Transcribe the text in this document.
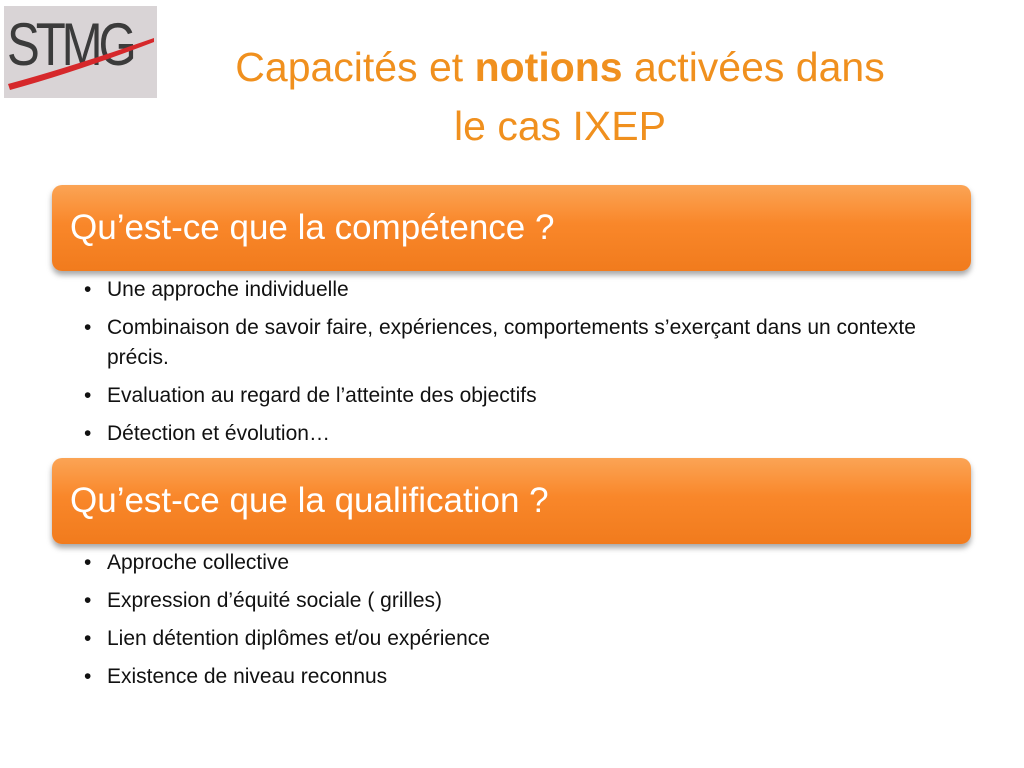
STMG	Capacités et notions activées dans
le cas IXEP
Qu’est-ce que la compétence ?
• Une approche individuelle
• Combinaison de savoir faire, expériences, comportements s’exerçant dans un contexte précis.
• Evaluation au regard de l’atteinte des objectifs
• Détection et évolution…
Qu’est-ce que la qualification ?
• Approche collective
• Expression d’équité sociale ( grilles)
• Lien détention diplômes et/ou expérience
• Existence de niveau reconnus
